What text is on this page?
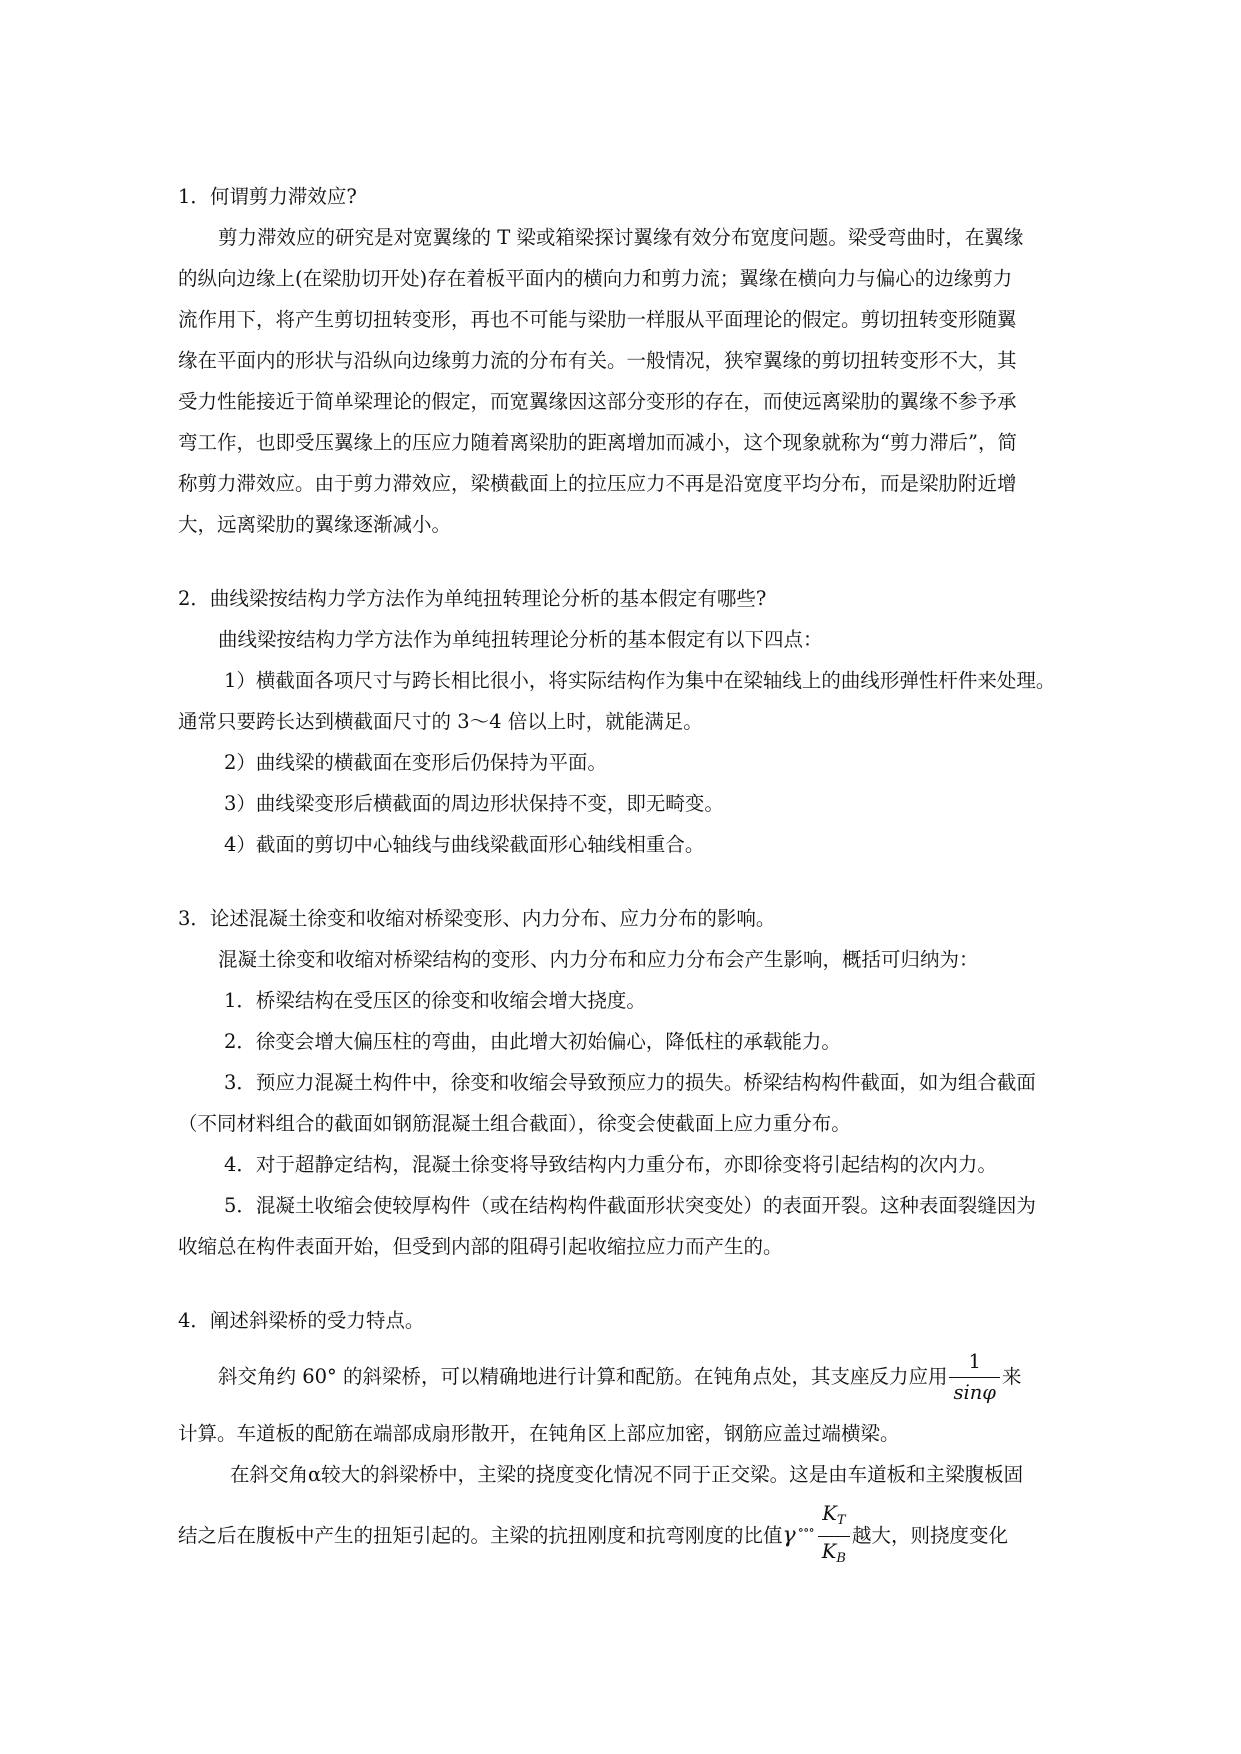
1．何谓剪力滞效应?
剪力滞效应的研究是对宽翼缘的 T 梁或箱梁探讨翼缘有效分布宽度问题。梁受弯曲时，在翼缘
的纵向边缘上(在梁肋切开处)存在着板平面内的横向力和剪力流；翼缘在横向力与偏心的边缘剪力
流作用下，将产生剪切扭转变形，再也不可能与梁肋一样服从平面理论的假定。剪切扭转变形随翼
缘在平面内的形状与沿纵向边缘剪力流的分布有关。一般情况，狭窄翼缘的剪切扭转变形不大，其
受力性能接近于简单梁理论的假定，而宽翼缘因这部分变形的存在，而使远离梁肋的翼缘不参予承
弯工作，也即受压翼缘上的压应力随着离梁肋的距离增加而减小，这个现象就称为“剪力滞后”，简
称剪力滞效应。由于剪力滞效应，梁横截面上的拉压应力不再是沿宽度平均分布，而是梁肋附近增
大，远离梁肋的翼缘逐渐减小。
2．曲线梁按结构力学方法作为单纯扭转理论分析的基本假定有哪些?
曲线梁按结构力学方法作为单纯扭转理论分析的基本假定有以下四点：
1）横截面各项尺寸与跨长相比很小，将实际结构作为集中在梁轴线上的曲线形弹性杆件来处理。
通常只要跨长达到横截面尺寸的 3～4 倍以上时，就能满足。
2）曲线梁的横截面在变形后仍保持为平面。
3）曲线梁变形后横截面的周边形状保持不变，即无畸变。
4）截面的剪切中心轴线与曲线梁截面形心轴线相重合。
3．论述混凝土徐变和收缩对桥梁变形、内力分布、应力分布的影响。
混凝土徐变和收缩对桥梁结构的变形、内力分布和应力分布会产生影响，概括可归纳为：
1．桥梁结构在受压区的徐变和收缩会增大挠度。
2．徐变会增大偏压柱的弯曲，由此增大初始偏心，降低柱的承载能力。
3．预应力混凝土构件中，徐变和收缩会导致预应力的损失。桥梁结构构件截面，如为组合截面
（不同材料组合的截面如钢筋混凝土组合截面），徐变会使截面上应力重分布。
4．对于超静定结构，混凝土徐变将导致结构内力重分布，亦即徐变将引起结构的次内力。
5．混凝土收缩会使较厚构件（或在结构构件截面形状突变处）的表面开裂。这种表面裂缝因为
收缩总在构件表面开始，但受到内部的阻碍引起收缩拉应力而产生的。
4．阐述斜梁桥的受力特点。
斜交角约 60° 的斜梁桥，可以精确地进行计算和配筋。在钝角点处，其支座反力应用 $\frac{1}{\sin\varphi}$ 来
计算。车道板的配筋在端部成扇形散开，在钝角区上部应加密，钢筋应盖过端横梁。
在斜交角α较大的斜梁桥中，主梁的挠度变化情况不同于正交梁。这是由车道板和主梁腹板固
结之后在腹板中产生的扭矩引起的。主梁的抗扭刚度和抗弯刚度的比值γ $^{\circ\circ\circ} \frac{K_T}{K_B}$ 越大，则挠度变化
